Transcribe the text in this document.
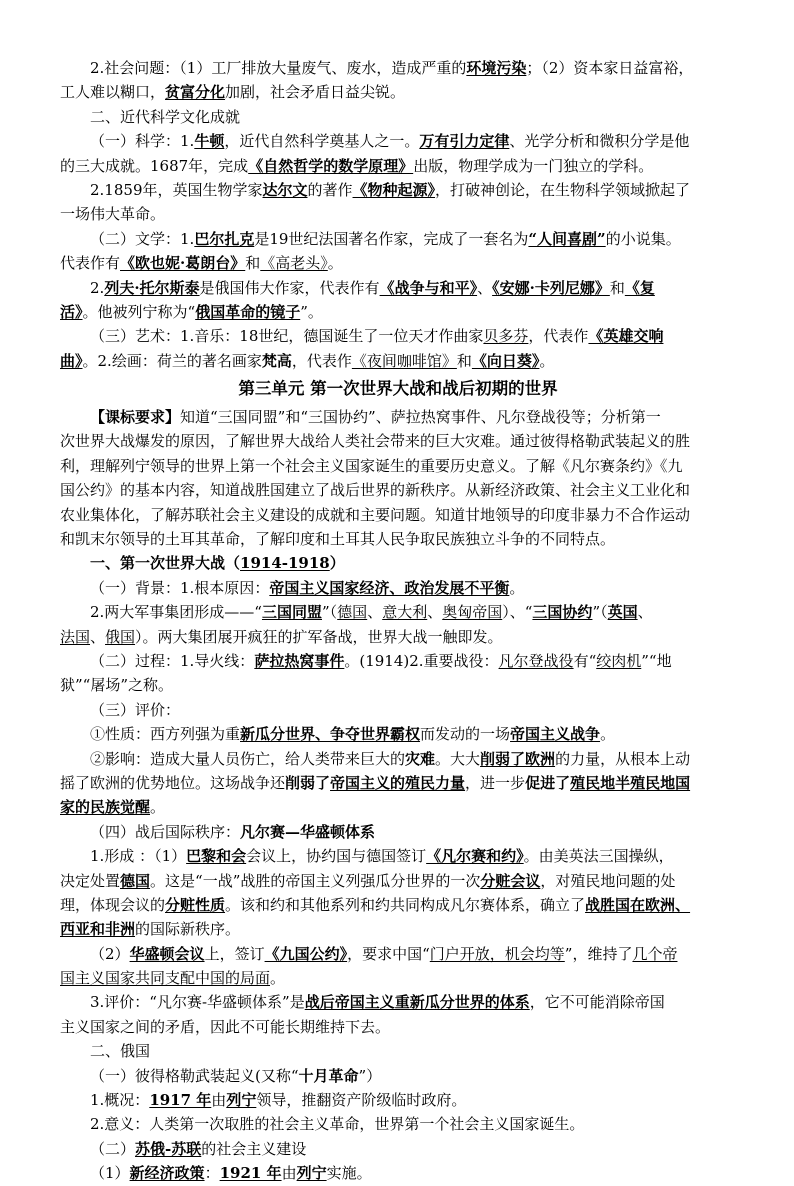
2.社会问题：（1）工厂排放大量废气、废水，造成严重的环境污染；（2）资本家日益富裕，
工人难以糊口，贫富分化加剧，社会矛盾日益尖锐。
二、近代科学文化成就
（一）科学：1.牛顿，近代自然科学奠基人之一。万有引力定律、光学分析和微积分学是他
的三大成就。1687年，完成《自然哲学的数学原理》出版，物理学成为一门独立的学科。
2.1859年，英国生物学家达尔文的著作《物种起源》，打破神创论，在生物科学领域掀起了
一场伟大革命。
（二）文学：1.巴尔扎克是19世纪法国著名作家，完成了一套名为“人间喜剧”的小说集。
代表作有《欧也妮·葛朗台》和《高老头》。
2.列夫·托尔斯泰是俄国伟大作家，代表作有《战争与和平》、《安娜·卡列尼娜》和《复
活》。他被列宁称为“俄国革命的镜子”。
（三）艺术：1.音乐：18世纪，德国诞生了一位天才作曲家贝多芬，代表作《英雄交响
曲》。2.绘画：荷兰的著名画家梵高，代表作《夜间咖啡馆》和《向日葵》。
第三单元 第一次世界大战和战后初期的世界
【课标要求】知道“三国同盟”和“三国协约”、萨拉热窝事件、凡尔登战役等；分析第一
次世界大战爆发的原因，了解世界大战给人类社会带来的巨大灾难。通过彼得格勒武装起义的胜
利，理解列宁领导的世界上第一个社会主义国家诞生的重要历史意义。了解《凡尔赛条约》《九
国公约》的基本内容，知道战胜国建立了战后世界的新秩序。从新经济政策、社会主义工业化和
农业集体化，了解苏联社会主义建设的成就和主要问题。知道甘地领导的印度非暴力不合作运动
和凯末尔领导的土耳其革命，了解印度和土耳其人民争取民族独立斗争的不同特点。
一、第一次世界大战（1914-1918）
（一）背景：1.根本原因：帝国主义国家经济、政治发展不平衡。
2.两大军事集团形成——“三国同盟”（德国、意大利、奥匈帝国）、“三国协约”（英国、
法国、俄国）。两大集团展开疯狂的扩军备战，世界大战一触即发。
（二）过程：1.导火线：萨拉热窝事件。(1914)2.重要战役：凡尔登战役有“绞肉机”“地
狱”“屠场”之称。
（三）评价：
①性质：西方列强为重新瓜分世界、争夺世界霸权而发动的一场帝国主义战争。
②影响：造成大量人员伤亡，给人类带来巨大的灾难。大大削弱了欧洲的力量，从根本上动
摇了欧洲的优势地位。这场战争还削弱了帝国主义的殖民力量，进一步促进了殖民地半殖民地国
家的民族觉醒。
（四）战后国际秩序：凡尔赛—华盛顿体系
1.形成 ：（1）巴黎和会会议上，协约国与德国签订《凡尔赛和约》。由美英法三国操纵，
决定处置德国。这是“一战”战胜的帝国主义列强瓜分世界的一次分赃会议，对殖民地问题的处
理，体现会议的分赃性质。该和约和其他系列和约共同构成凡尔赛体系，确立了战胜国在欧洲、
西亚和非洲的国际新秩序。
（2）华盛顿会议上，签订《九国公约》，要求中国“门户开放，机会均等”，维持了几个帝
国主义国家共同支配中国的局面。
3.评价：“凡尔赛-华盛顿体系”是战后帝国主义重新瓜分世界的体系，它不可能消除帝国
主义国家之间的矛盾，因此不可能长期维持下去。
二、俄国
（一）彼得格勒武装起义(又称“十月革命”）
1.概况：1917 年由列宁领导，推翻资产阶级临时政府。
2.意义：人类第一次取胜的社会主义革命，世界第一个社会主义国家诞生。
（二）苏俄-苏联的社会主义建设
（1）新经济政策：1921 年由列宁实施。
